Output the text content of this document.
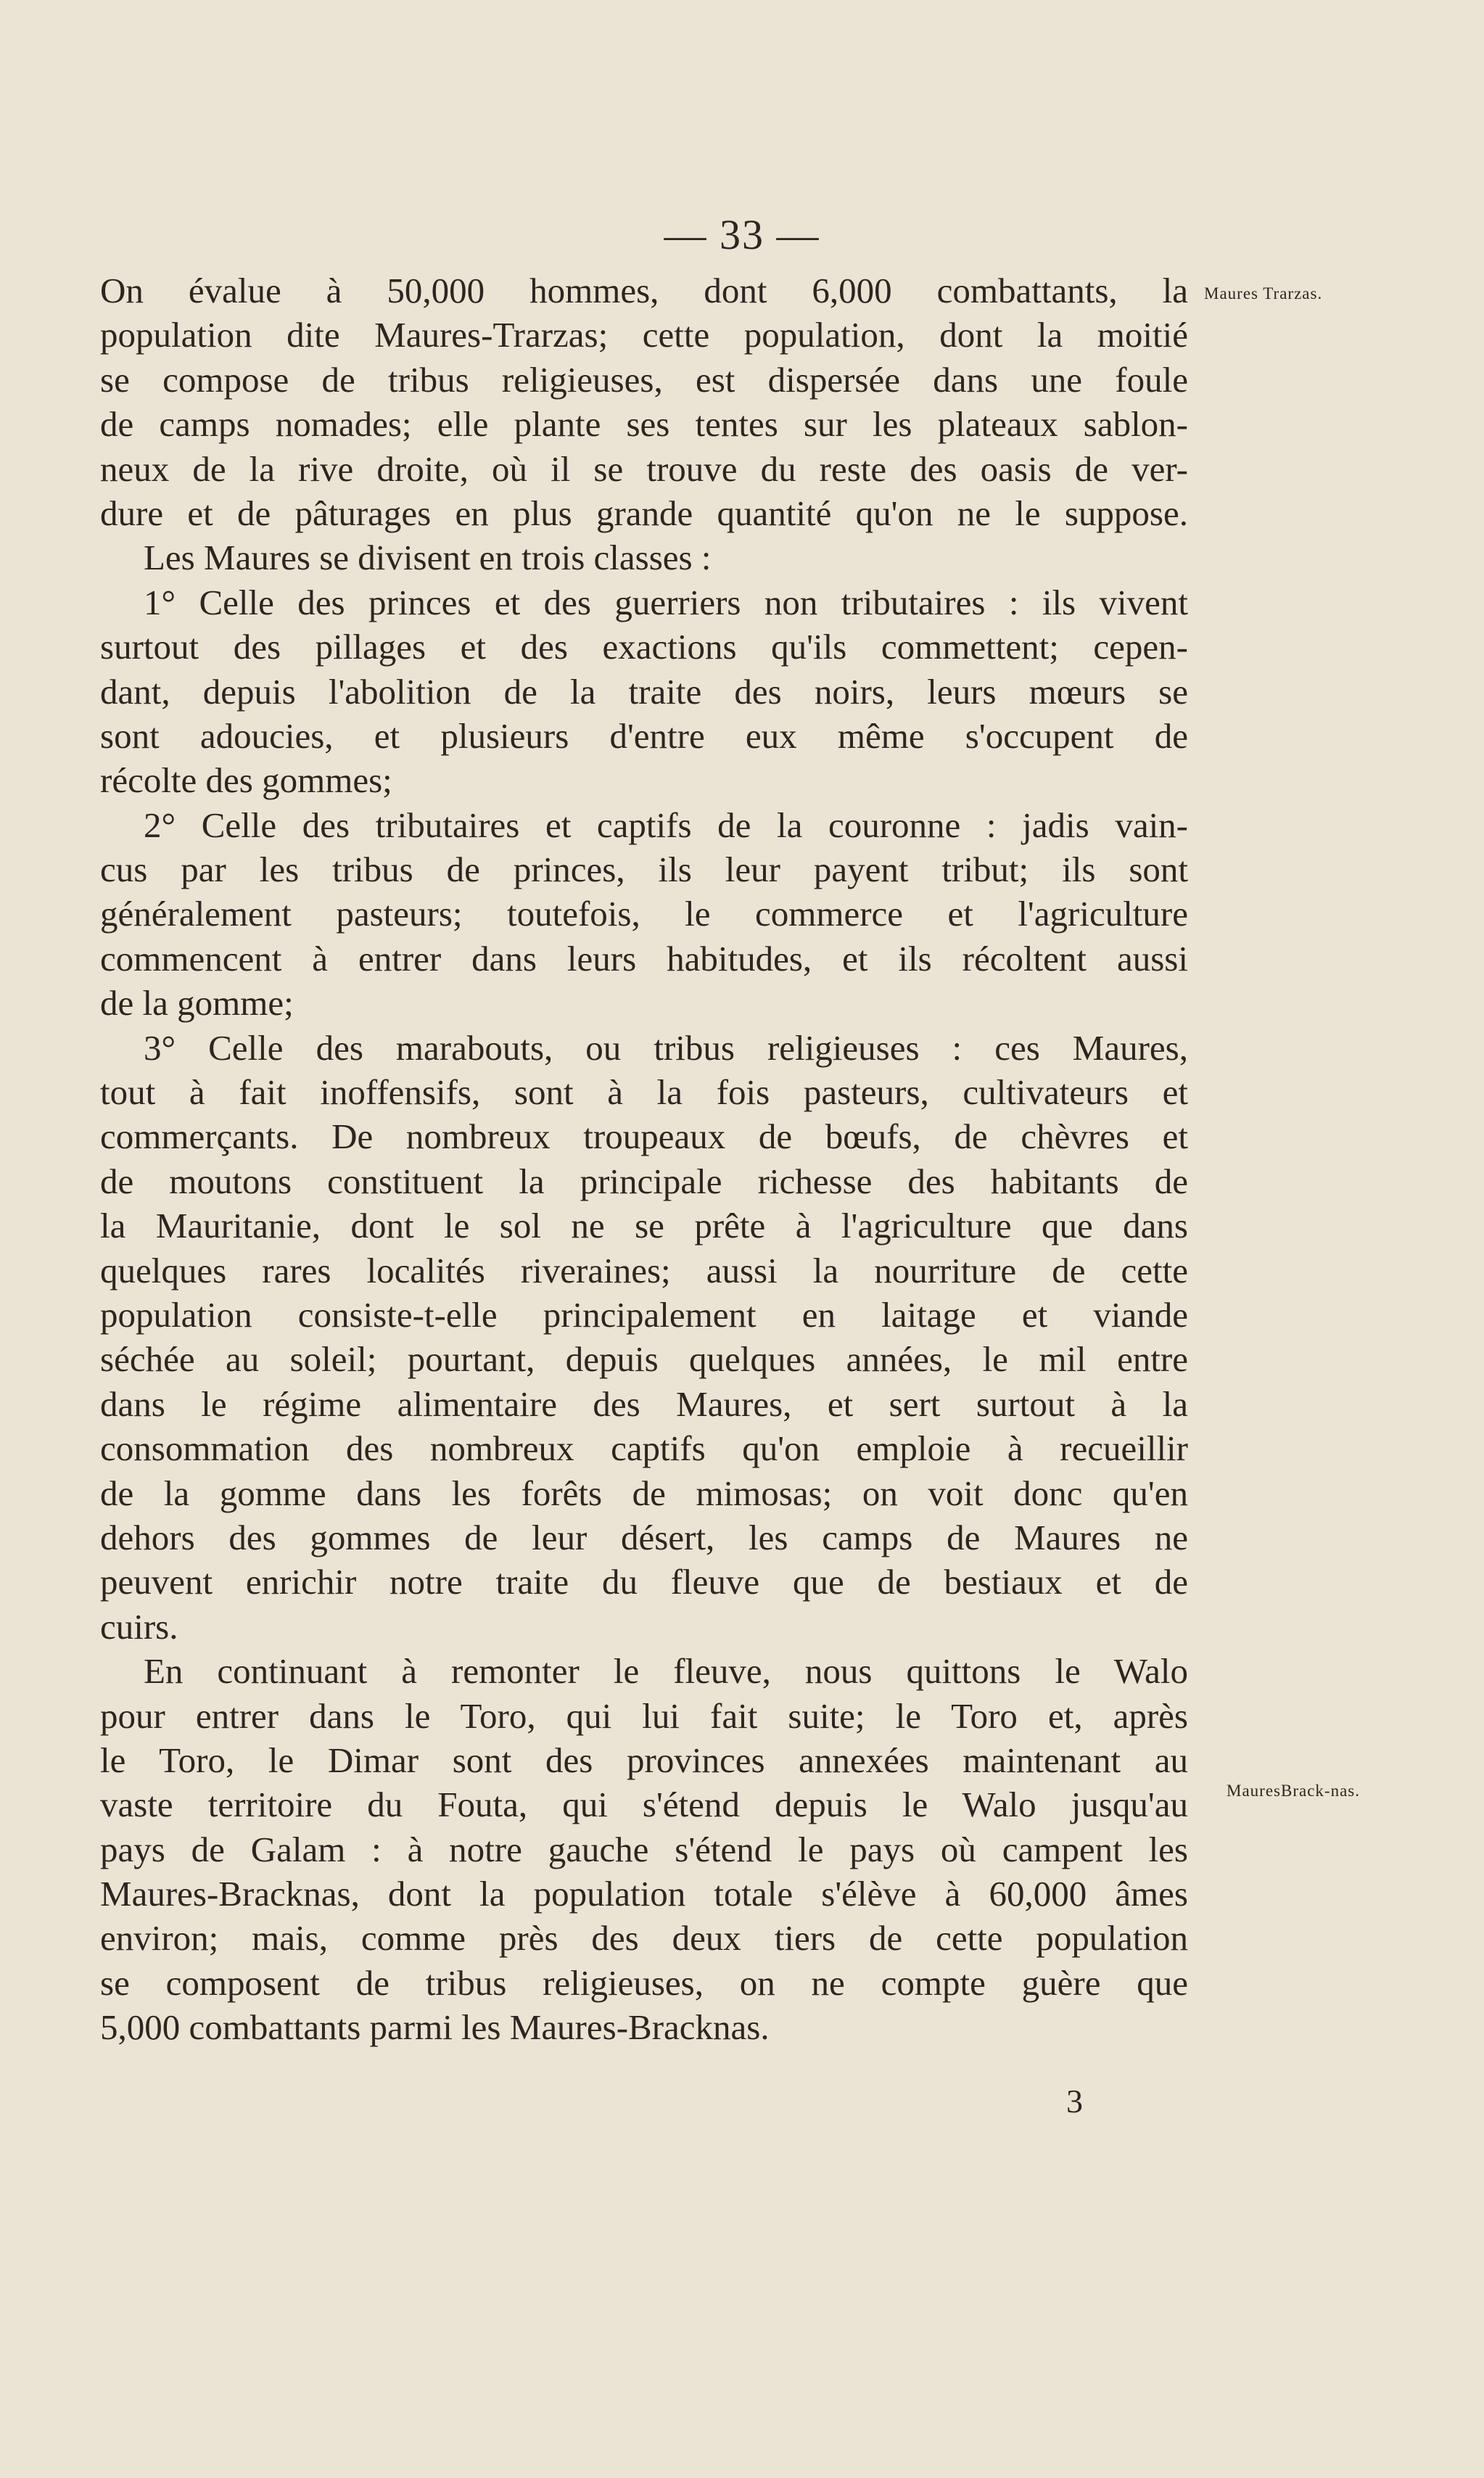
— 33 —
Maures Trarzas.
MauresBrack-nas.
On évalue à 50,000 hommes, dont 6,000 combattants, la
population dite Maures-Trarzas; cette population, dont la moitié
se compose de tribus religieuses, est dispersée dans une foule
de camps nomades; elle plante ses tentes sur les plateaux sablon-
neux de la rive droite, où il se trouve du reste des oasis de ver-
dure et de pâturages en plus grande quantité qu'on ne le suppose.
Les Maures se divisent en trois classes :
1° Celle des princes et des guerriers non tributaires : ils vivent
surtout des pillages et des exactions qu'ils commettent; cepen-
dant, depuis l'abolition de la traite des noirs, leurs mœurs se
sont adoucies, et plusieurs d'entre eux même s'occupent de
récolte des gommes;
2° Celle des tributaires et captifs de la couronne : jadis vain-
cus par les tribus de princes, ils leur payent tribut; ils sont
généralement pasteurs; toutefois, le commerce et l'agriculture
commencent à entrer dans leurs habitudes, et ils récoltent aussi
de la gomme;
3° Celle des marabouts, ou tribus religieuses : ces Maures,
tout à fait inoffensifs, sont à la fois pasteurs, cultivateurs et
commerçants. De nombreux troupeaux de bœufs, de chèvres et
de moutons constituent la principale richesse des habitants de
la Mauritanie, dont le sol ne se prête à l'agriculture que dans
quelques rares localités riveraines; aussi la nourriture de cette
population consiste-t-elle principalement en laitage et viande
séchée au soleil; pourtant, depuis quelques années, le mil entre
dans le régime alimentaire des Maures, et sert surtout à la
consommation des nombreux captifs qu'on emploie à recueillir
de la gomme dans les forêts de mimosas; on voit donc qu'en
dehors des gommes de leur désert, les camps de Maures ne
peuvent enrichir notre traite du fleuve que de bestiaux et de
cuirs.
En continuant à remonter le fleuve, nous quittons le Walo
pour entrer dans le Toro, qui lui fait suite; le Toro et, après
le Toro, le Dimar sont des provinces annexées maintenant au
vaste territoire du Fouta, qui s'étend depuis le Walo jusqu'au
pays de Galam : à notre gauche s'étend le pays où campent les
Maures-Bracknas, dont la population totale s'élève à 60,000 âmes
environ; mais, comme près des deux tiers de cette population
se composent de tribus religieuses, on ne compte guère que
5,000 combattants parmi les Maures-Bracknas.
3
